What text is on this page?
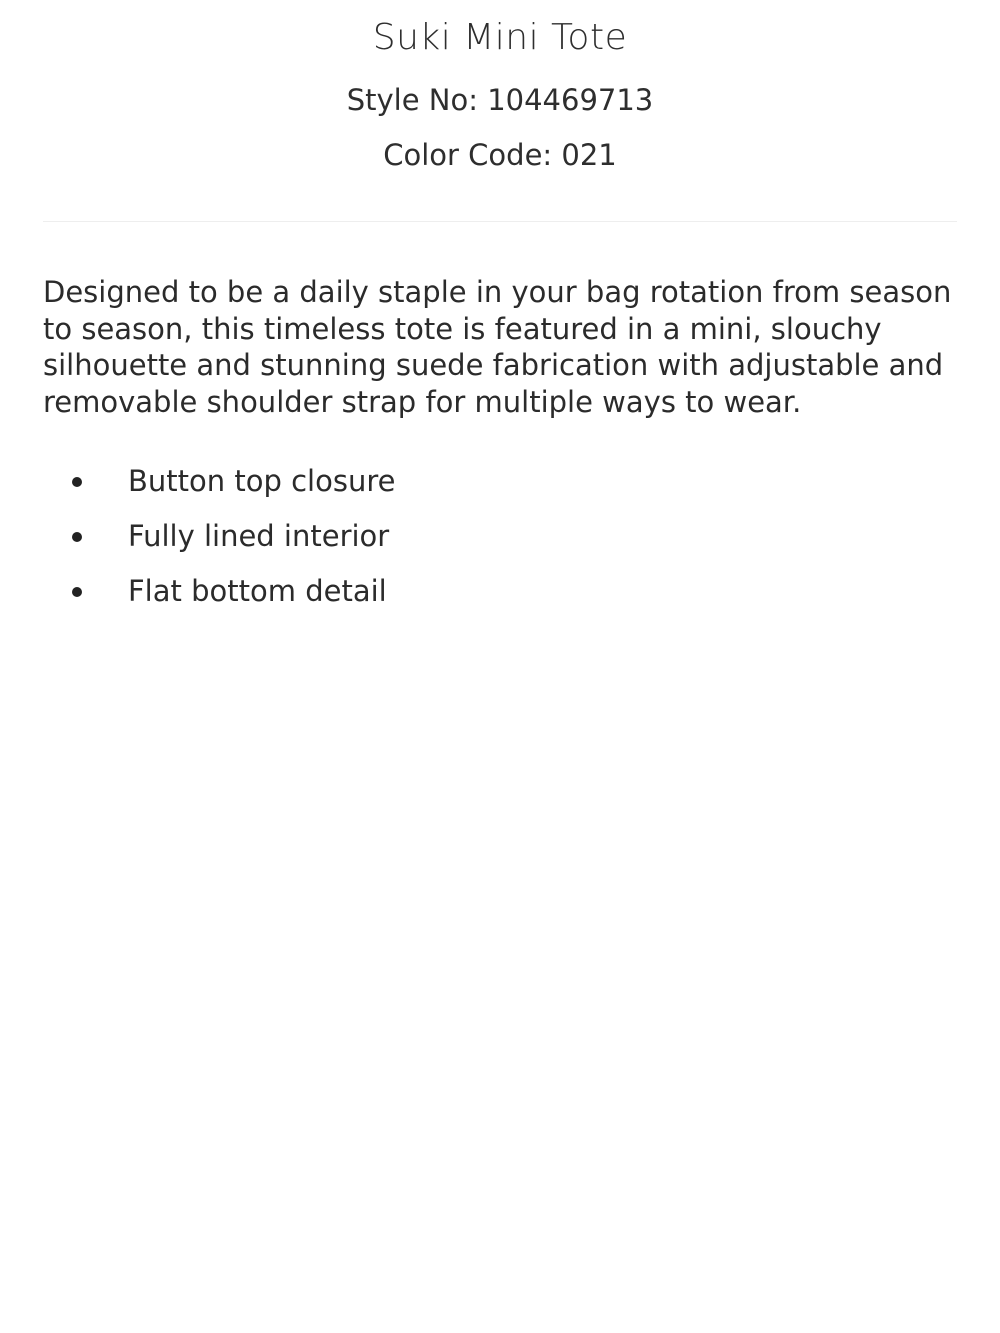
Suki Mini Tote

Style No: 104469713

Color Code: 021

Designed to be a daily staple in your bag rotation from season to season, this timeless tote is featured in a mini, slouchy silhouette and stunning suede fabrication with adjustable and removable shoulder strap for multiple ways to wear.

Button top closure
Fully lined interior
Flat bottom detail
